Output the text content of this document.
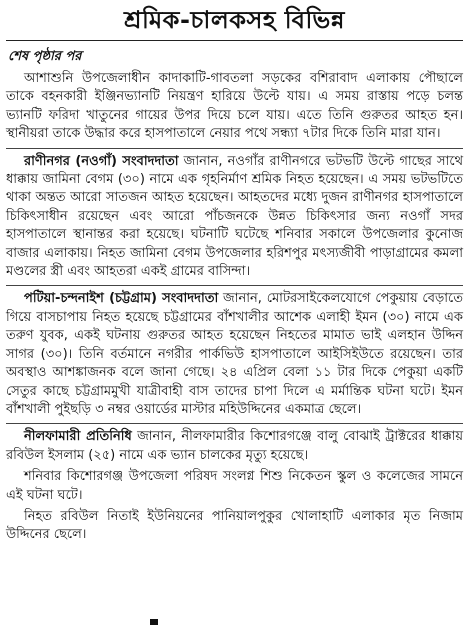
শ্রমিক-চালকসহ বিভিন্ন
শেষ পৃষ্ঠার পর

আশাশুনি উপজেলাধীন কাদাকাটি-গাবতলা সড়কের বশিরাবাদ এলাকায় পৌছালে তাকে বহনকারী ইঞ্জিনভ্যানটি নিয়ন্ত্রণ হারিয়ে উল্টে যায়। এ সময় রাস্তায় পড়ে চলন্ত ভ্যানটি ফরিদা খাতুনের গায়ের উপর দিয়ে চলে যায়। এতে তিনি গুরুতর আহত হন। স্থানীয়রা তাকে উদ্ধার করে হাসপাতালে নেয়ার পথে সন্ধ্যা ৭টার দিকে তিনি মারা যান।

রাণীনগর (নওগাঁ) সংবাদদাতা জানান, নওগাঁর রাণীনগরে ভটভটি উল্টে গাছের সাথে ধাক্কায় জামিনা বেগম (৩০) নামে এক গৃহনির্মাণ শ্রমিক নিহত হয়েছেন। এ সময় ভটভটিতে থাকা অন্তত আরো সাতজন আহত হয়েছেন। আহতদের মধ্যে দুজন রাণীনগর হাসপাতালে চিকিৎসাধীন রয়েছেন এবং আরো পাঁচজনকে উন্নত চিকিৎসার জন্য নওগাঁ সদর হাসপাতালে স্থানান্তর করা হয়েছে। ঘটনাটি ঘটেছে শনিবার সকালে উপজেলার কুনোজ বাজার এলাকায়। নিহত জামিনা বেগম উপজেলার হরিশপুর মৎস্যজীবী পাড়াগ্রামের কমলা মণ্ডলের স্ত্রী এবং আহতরা একই গ্রামের বাসিন্দা।

পটিয়া-চন্দনাইশ (চট্টগ্রাম) সংবাদদাতা জানান, মোটরসাইকেলযোগে পেকুয়ায় বেড়াতে গিয়ে বাসচাপায় নিহত হয়েছে চট্টগ্রামের বাঁশখালীর আশেক এলাহী ইমন (৩০) নামে এক তরুণ যুবক, একই ঘটনায় গুরুতর আহত হয়েছেন নিহতের মামাত ভাই এলহান উদ্দিন সাগর (৩০)। তিনি বর্তমানে নগরীর পার্কভিউ হাসপাতালে আইসিইউতে রয়েছেন। তার অবস্থাও আশঙ্কাজনক বলে জানা গেছে। ২৪ এপ্রিল বেলা ১১ টার দিকে পেকুয়া একটি সেতুর কাছে চট্টগ্রামমুখী যাত্রীবাহী বাস তাদের চাপা দিলে এ মর্মান্তিক ঘটনা ঘটে। ইমন বাঁশখালী পুইছড়ি ৩ নম্বর ওয়ার্ডের মাস্টার মহিউদ্দিনের একমাত্র ছেলে।

নীলফামারী প্রতিনিধি জানান, নীলফামারীর কিশোরগঞ্জে বালু বোঝাই ট্রাক্টরের ধাক্কায় রবিউল ইসলাম (২৫) নামে এক ভ্যান চালকের মৃত্যু হয়েছে।

শনিবার কিশোরগঞ্জ উপজেলা পরিষদ সংলগ্ন শিশু নিকেতন স্কুল ও কলেজের সামনে এই ঘটনা ঘটে।

নিহত রবিউল নিতাই ইউনিয়নের পানিয়ালপুকুর খোলাহাটি এলাকার মৃত নিজাম উদ্দিনের ছেলে।
